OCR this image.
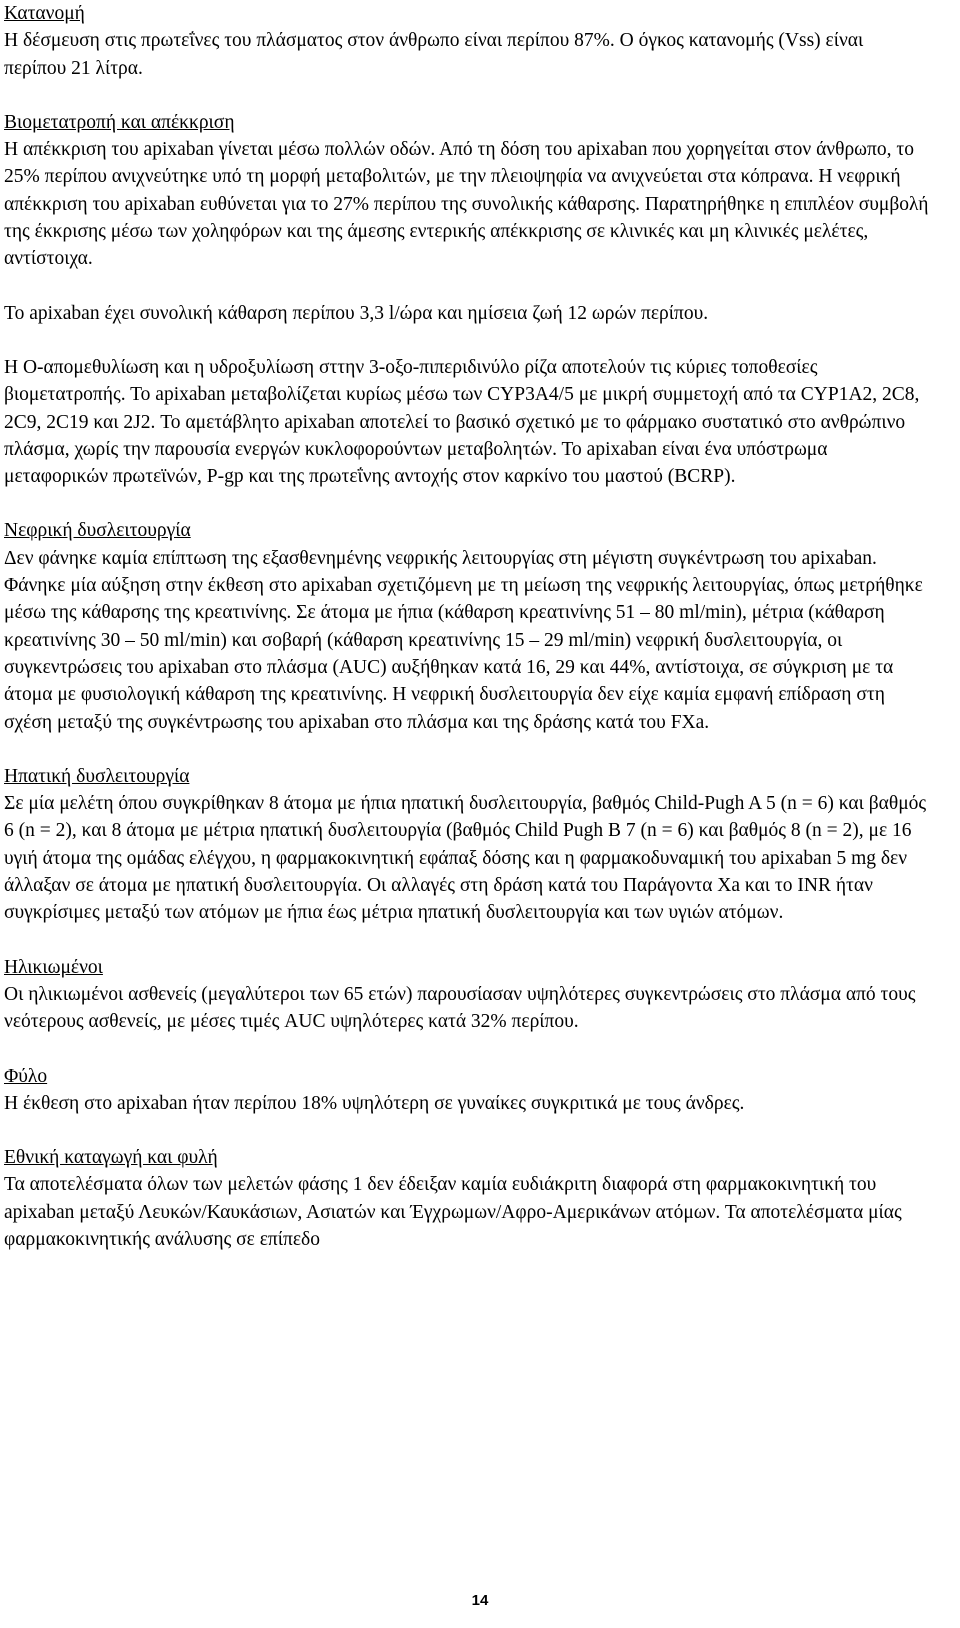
Κατανομή

Η δέσμευση στις πρωτεΐνες του πλάσματος στον άνθρωπο είναι περίπου 87%. Ο όγκος κατανομής (Vss) είναι περίπου 21 λίτρα.

Βιομετατροπή και απέκκριση

Η απέκκριση του apixaban γίνεται μέσω πολλών οδών. Από τη δόση του apixaban που χορηγείται στον άνθρωπο, το 25% περίπου ανιχνεύτηκε υπό τη μορφή μεταβολιτών, με την πλειοψηφία να ανιχνεύεται στα κόπρανα. Η νεφρική απέκκριση του apixaban ευθύνεται για το 27% περίπου της συνολικής κάθαρσης. Παρατηρήθηκε η επιπλέον συμβολή της έκκρισης μέσω των χοληφόρων και της άμεσης εντερικής απέκκρισης σε κλινικές και μη κλινικές μελέτες, αντίστοιχα.

Το apixaban έχει συνολική κάθαρση περίπου 3,3 l/ώρα και ημίσεια ζωή 12 ωρών περίπου.

Η O-απομεθυλίωση και η υδροξυλίωση σττην 3-οξο-πιπεριδινύλο ρίζα αποτελούν τις κύριες τοποθεσίες βιομετατροπής. Το apixaban μεταβολίζεται κυρίως μέσω των CYP3A4/5 με μικρή συμμετοχή από τα CYP1A2, 2C8, 2C9, 2C19 και 2J2. Το αμετάβλητο apixaban αποτελεί το βασικό σχετικό με το φάρμακο συστατικό στο ανθρώπινο πλάσμα, χωρίς την παρουσία ενεργών κυκλοφορούντων μεταβολητών. Το apixaban είναι ένα υπόστρωμα μεταφορικών πρωτεϊνών, P-gp και της πρωτεΐνης αντοχής στον καρκίνο του μαστού (BCRP).

Νεφρική δυσλειτουργία

Δεν φάνηκε καμία επίπτωση της εξασθενημένης νεφρικής λειτουργίας στη μέγιστη συγκέντρωση του apixaban. Φάνηκε μία αύξηση στην έκθεση στο apixaban σχετιζόμενη με τη μείωση της νεφρικής λειτουργίας, όπως μετρήθηκε μέσω της κάθαρσης της κρεατινίνης. Σε άτομα με ήπια (κάθαρση κρεατινίνης 51 – 80 ml/min), μέτρια (κάθαρση κρεατινίνης 30 – 50 ml/min) και σοβαρή (κάθαρση κρεατινίνης 15 – 29 ml/min) νεφρική δυσλειτουργία, οι συγκεντρώσεις του apixaban στο πλάσμα (AUC) αυξήθηκαν κατά 16, 29 και 44%, αντίστοιχα, σε σύγκριση με τα άτομα με φυσιολογική κάθαρση της κρεατινίνης. Η νεφρική δυσλειτουργία δεν είχε καμία εμφανή επίδραση στη σχέση μεταξύ της συγκέντρωσης του apixaban στο πλάσμα και της δράσης κατά του FXa.

Ηπατική δυσλειτουργία

Σε μία μελέτη όπου συγκρίθηκαν 8 άτομα με ήπια ηπατική δυσλειτουργία, βαθμός Child-Pugh A 5 (n = 6) και βαθμός 6 (n = 2), και 8 άτομα με μέτρια ηπατική δυσλειτουργία (βαθμός Child Pugh B 7 (n = 6) και βαθμός 8 (n = 2), με 16 υγιή άτομα της ομάδας ελέγχου, η φαρμακοκινητική εφάπαξ δόσης και η φαρμακοδυναμική του apixaban 5 mg δεν άλλαξαν σε άτομα με ηπατική δυσλειτουργία. Οι αλλαγές στη δράση κατά του Παράγοντα Xa και το INR ήταν συγκρίσιμες μεταξύ των ατόμων με ήπια έως μέτρια ηπατική δυσλειτουργία και των υγιών ατόμων.

Ηλικιωμένοι

Οι ηλικιωμένοι ασθενείς (μεγαλύτεροι των 65 ετών) παρουσίασαν υψηλότερες συγκεντρώσεις στο πλάσμα από τους νεότερους ασθενείς, με μέσες τιμές AUC υψηλότερες κατά 32% περίπου.

Φύλο

Η έκθεση στο apixaban ήταν περίπου 18% υψηλότερη σε γυναίκες συγκριτικά με τους άνδρες.

Εθνική καταγωγή και φυλή

Τα αποτελέσματα όλων των μελετών φάσης 1 δεν έδειξαν καμία ευδιάκριτη διαφορά στη φαρμακοκινητική του apixaban μεταξύ Λευκών/Καυκάσιων, Ασιατών και Έγχρωμων/Αφρο-Αμερικάνων ατόμων. Τα αποτελέσματα μίας φαρμακοκινητικής ανάλυσης σε επίπεδο

14
